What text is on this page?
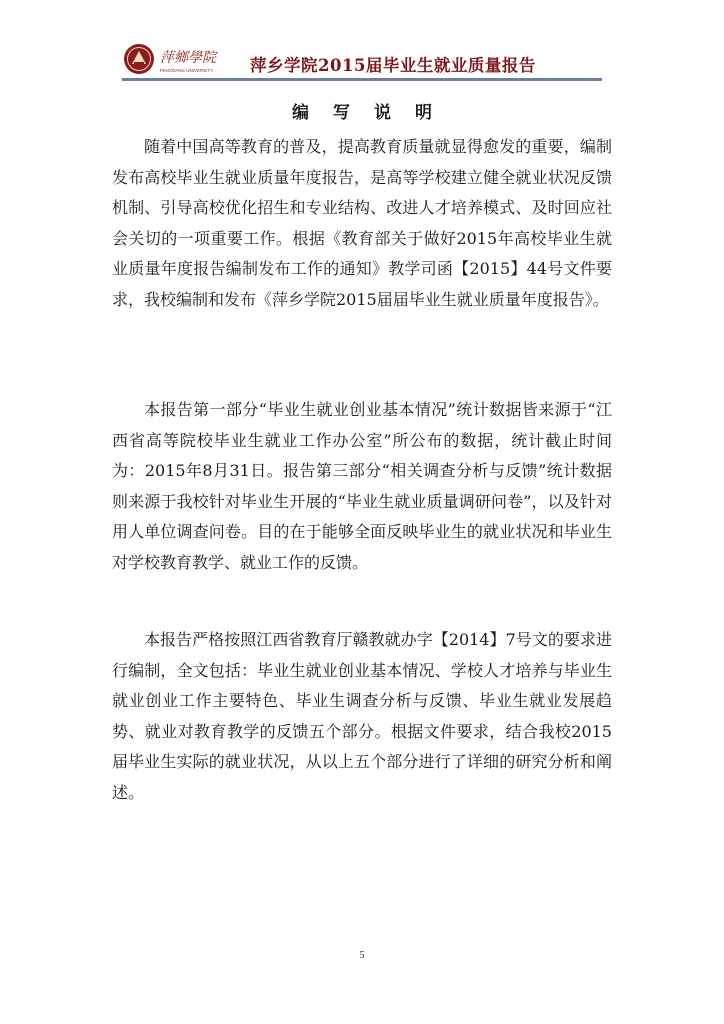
萍鄉學院
PINGXIANG UNIVERSITY 萍乡学院2015届毕业生就业质量报告
编写说明

随着中国高等教育的普及，提高教育质量就显得愈发的重要，编制发布高校毕业生就业质量年度报告，是高等学校建立健全就业状况反馈机制、引导高校优化招生和专业结构、改进人才培养模式、及时回应社会关切的一项重要工作。根据《教育部关于做好2015年高校毕业生就业质量年度报告编制发布工作的通知》教学司函【2015】44号文件要求，我校编制和发布《萍乡学院2015届届毕业生就业质量年度报告》。

本报告第一部分“毕业生就业创业基本情况”统计数据皆来源于“江西省高等院校毕业生就业工作办公室”所公布的数据，统计截止时间为：2015年8月31日。报告第三部分“相关调查分析与反馈”统计数据则来源于我校针对毕业生开展的“毕业生就业质量调研问卷”，以及针对用人单位调查问卷。目的在于能够全面反映毕业生的就业状况和毕业生对学校教育教学、就业工作的反馈。

本报告严格按照江西省教育厅赣教就办字【2014】7号文的要求进行编制，全文包括：毕业生就业创业基本情况、学校人才培养与毕业生就业创业工作主要特色、毕业生调查分析与反馈、毕业生就业发展趋势、就业对教育教学的反馈五个部分。根据文件要求，结合我校2015届毕业生实际的就业状况，从以上五个部分进行了详细的研究分析和阐述。

5
